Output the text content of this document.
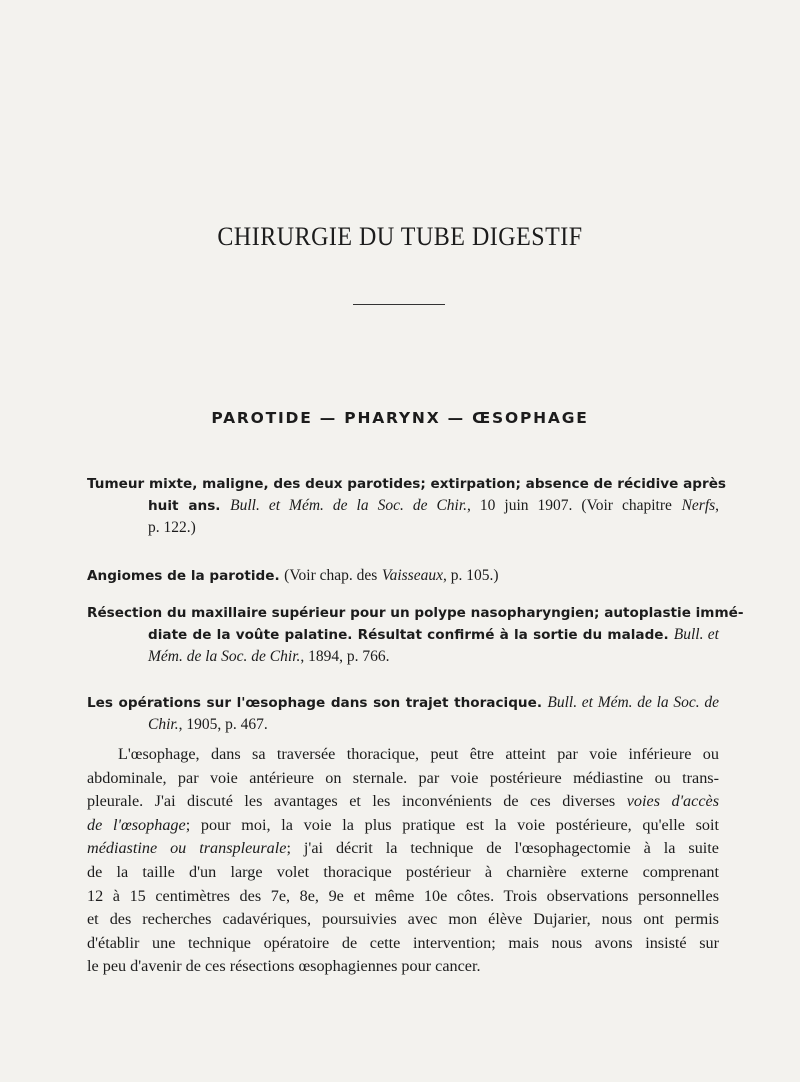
CHIRURGIE DU TUBE DIGESTIF
PAROTIDE — PHARYNX — ŒSOPHAGE
Tumeur mixte, maligne, des deux parotides; extirpation; absence de récidive après
huit ans. Bull. et Mém. de la Soc. de Chir., 10 juin 1907. (Voir chapitre Nerfs,
p. 122.)
Angiomes de la parotide. (Voir chap. des Vaisseaux, p. 105.)
Résection du maxillaire supérieur pour un polype nasopharyngien; autoplastie immé-
diate de la voûte palatine. Résultat confirmé à la sortie du malade. Bull. et
Mém. de la Soc. de Chir., 1894, p. 766.
Les opérations sur l'œsophage dans son trajet thoracique. Bull. et Mém. de la Soc. de
Chir., 1905, p. 467.
L'œsophage, dans sa traversée thoracique, peut être atteint par voie inférieure ou
abdominale, par voie antérieure on sternale. par voie postérieure médiastine ou trans-
pleurale. J'ai discuté les avantages et les inconvénients de ces diverses voies d'accès
de l'œsophage; pour moi, la voie la plus pratique est la voie postérieure, qu'elle soit
médiastine ou transpleurale; j'ai décrit la technique de l'œsophagectomie à la suite
de la taille d'un large volet thoracique postérieur à charnière externe comprenant
12 à 15 centimètres des 7e, 8e, 9e et même 10e côtes. Trois observations personnelles
et des recherches cadavériques, poursuivies avec mon élève Dujarier, nous ont permis
d'établir une technique opératoire de cette intervention; mais nous avons insisté sur
le peu d'avenir de ces résections œsophagiennes pour cancer.
